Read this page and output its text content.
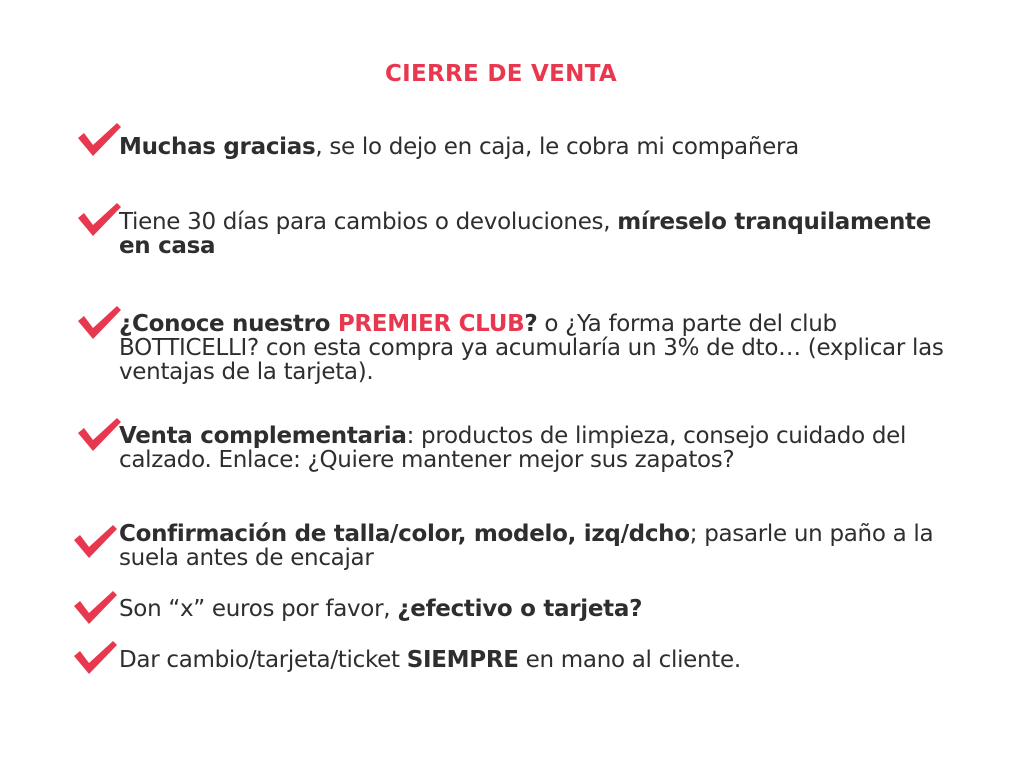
CIERRE DE VENTA
Muchas gracias, se lo dejo en caja, le cobra mi compañera
Tiene 30 días para cambios o devoluciones, míreselo tranquilamente en casa
¿Conoce nuestro PREMIER CLUB? o ¿Ya forma parte del club BOTTICELLI? con esta compra ya acumularía un 3% de dto… (explicar las ventajas de la tarjeta).
Venta complementaria: productos de limpieza, consejo cuidado del calzado. Enlace: ¿Quiere mantener mejor sus zapatos?
Confirmación de talla/color, modelo, izq/dcho; pasarle un paño a la suela antes de encajar
Son “x” euros por favor, ¿efectivo o tarjeta?
Dar cambio/tarjeta/ticket SIEMPRE en mano al cliente.
